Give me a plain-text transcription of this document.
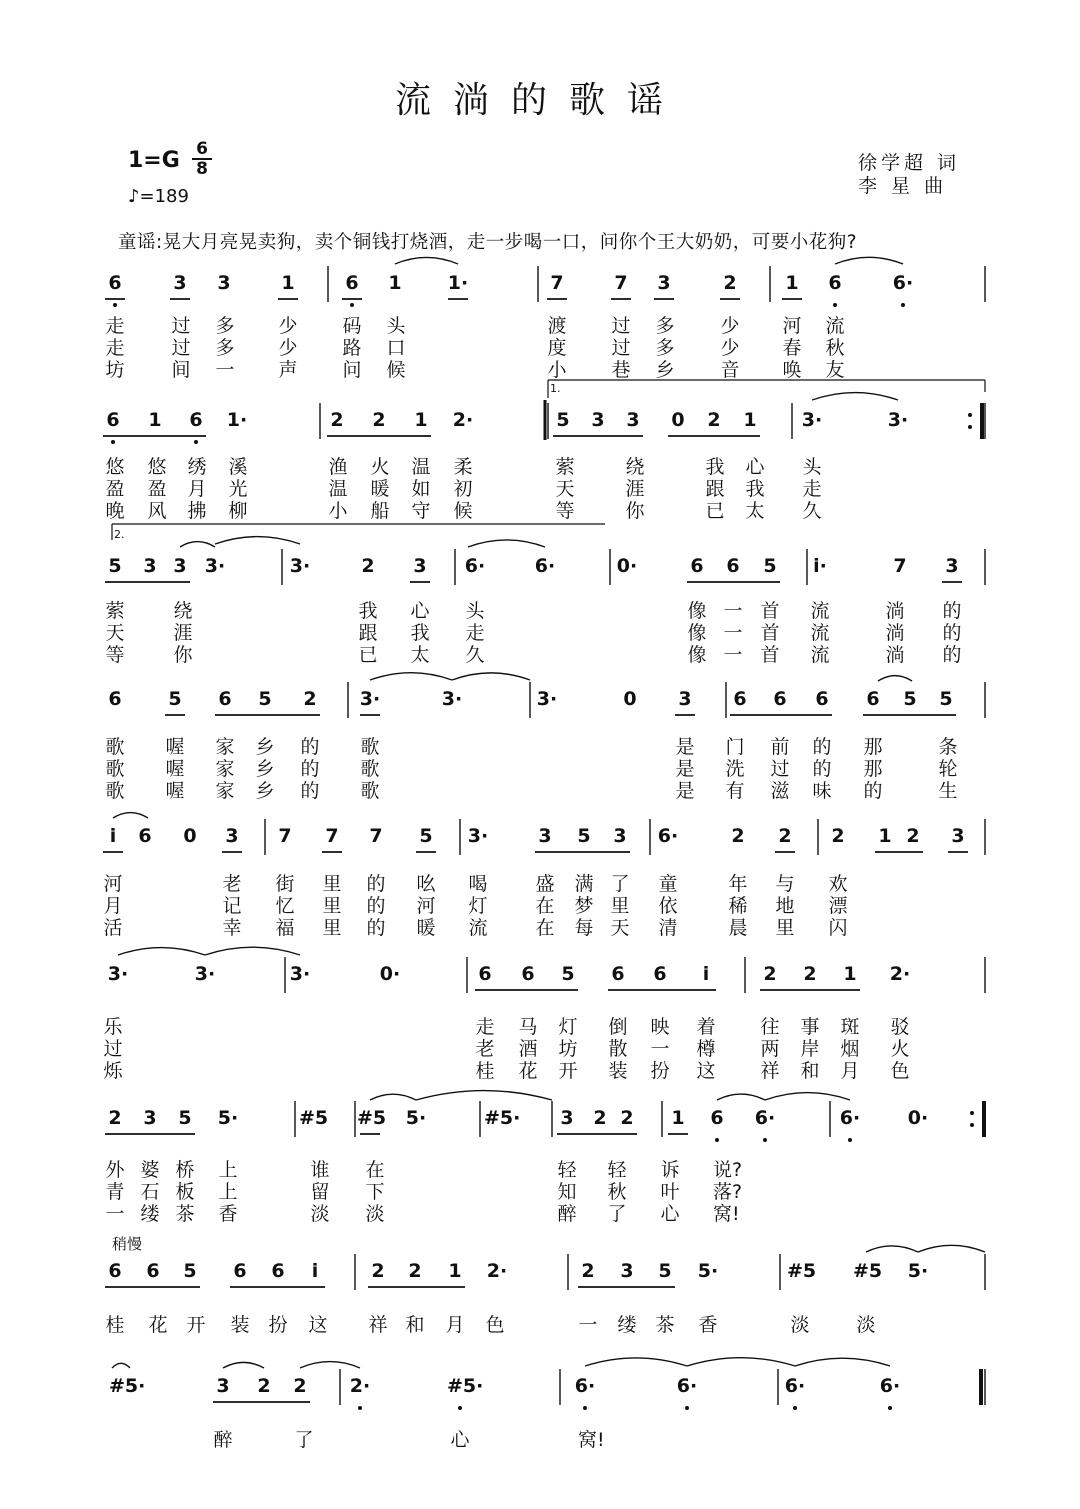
流淌的歌谣
1=G 6
8
♪=189
徐学超 词
李 星 曲
童谣:晃大月亮晃卖狗，卖个铜钱打烧酒，走一步喝一口，问你个王大奶奶，可要小花狗?
稍慢
1.
2.
6	3	3	1	6	1	1·	7	7	3	2	1	6	6·
走 过 多 少 码 头	渡 过 多 少 河 流
走 过 多 少 路 口	度 过 多 少 春 秋
坊 间 一 声 问 候	小 巷 乡 音 唤 友
6	1	6	1·	2	2	1	2·	5	3	3	0	2	1	3·	3·
悠 悠 绣 溪	渔 火 温 柔	萦	绕	我 心 头
盈 盈 月 光	温 暖 如 初	天	涯	跟 我 走
晚 风 拂 柳	小 船 守 候	等	你	已 太 久
5	3 3 3·	3·	2	3	6·	6·	0·	6	6	5	i·	7	3
萦	绕	我 心 头	像 一 首 流	淌 的
天	涯	跟 我 走	像 一 首 流	淌 的
等	你	已 太 久	像 一 首 流	淌 的
6	5	6	5	2	3·	3·	3·	0	3	6	6	6	6	5	5
歌 喔 家 乡 的 歌	是 门 前 的 那	条
歌 喔 家 乡 的 歌	是 洗 过 的 那	轮
歌 喔 家 乡 的 歌	是 有 滋 味 的	生
i	6	0	3	7	7	7	5	3·	3	5	3	6·	2	2	2	1 2	3
河	老 街 里 的 吆 喝	盛 满 了 童	年 与 欢
月	记 忆 里 的 河 灯	在 梦 里 依	稀 地 漂
活	幸 福 里 的 暖 流	在 每 天 清	晨 里 闪
3·	3·	3·	0·	6	6	5	6	6	i	2	2	1	2·
乐	走 马 灯 倒 映 着 往 事 斑 驳
过	老 酒 坊 散 一 樽 两 岸 烟 火
烁	桂 花 开 装 扮 这 祥 和 月 色
2	3	5	5·	#5 #5 5·	#5·	3	2 2	1	6	6·	6·	0·
外 婆 桥 上	谁 在	轻 轻 诉 说?
青 石 板 上	留 下	知 秋 叶 落?
一 缕 茶 香	淡 淡	醉 了 心 窝!
6	6	5	6	6	i	2	2	1	2·	2	3	5	5·	#5 #5 5·
桂 花 开 装 扮 这 祥 和 月 色	一 缕 茶 香	淡 淡
#5·	3	2	2	2·	#5·	6·	6·	6·	6·
醉	了	心	窝!
